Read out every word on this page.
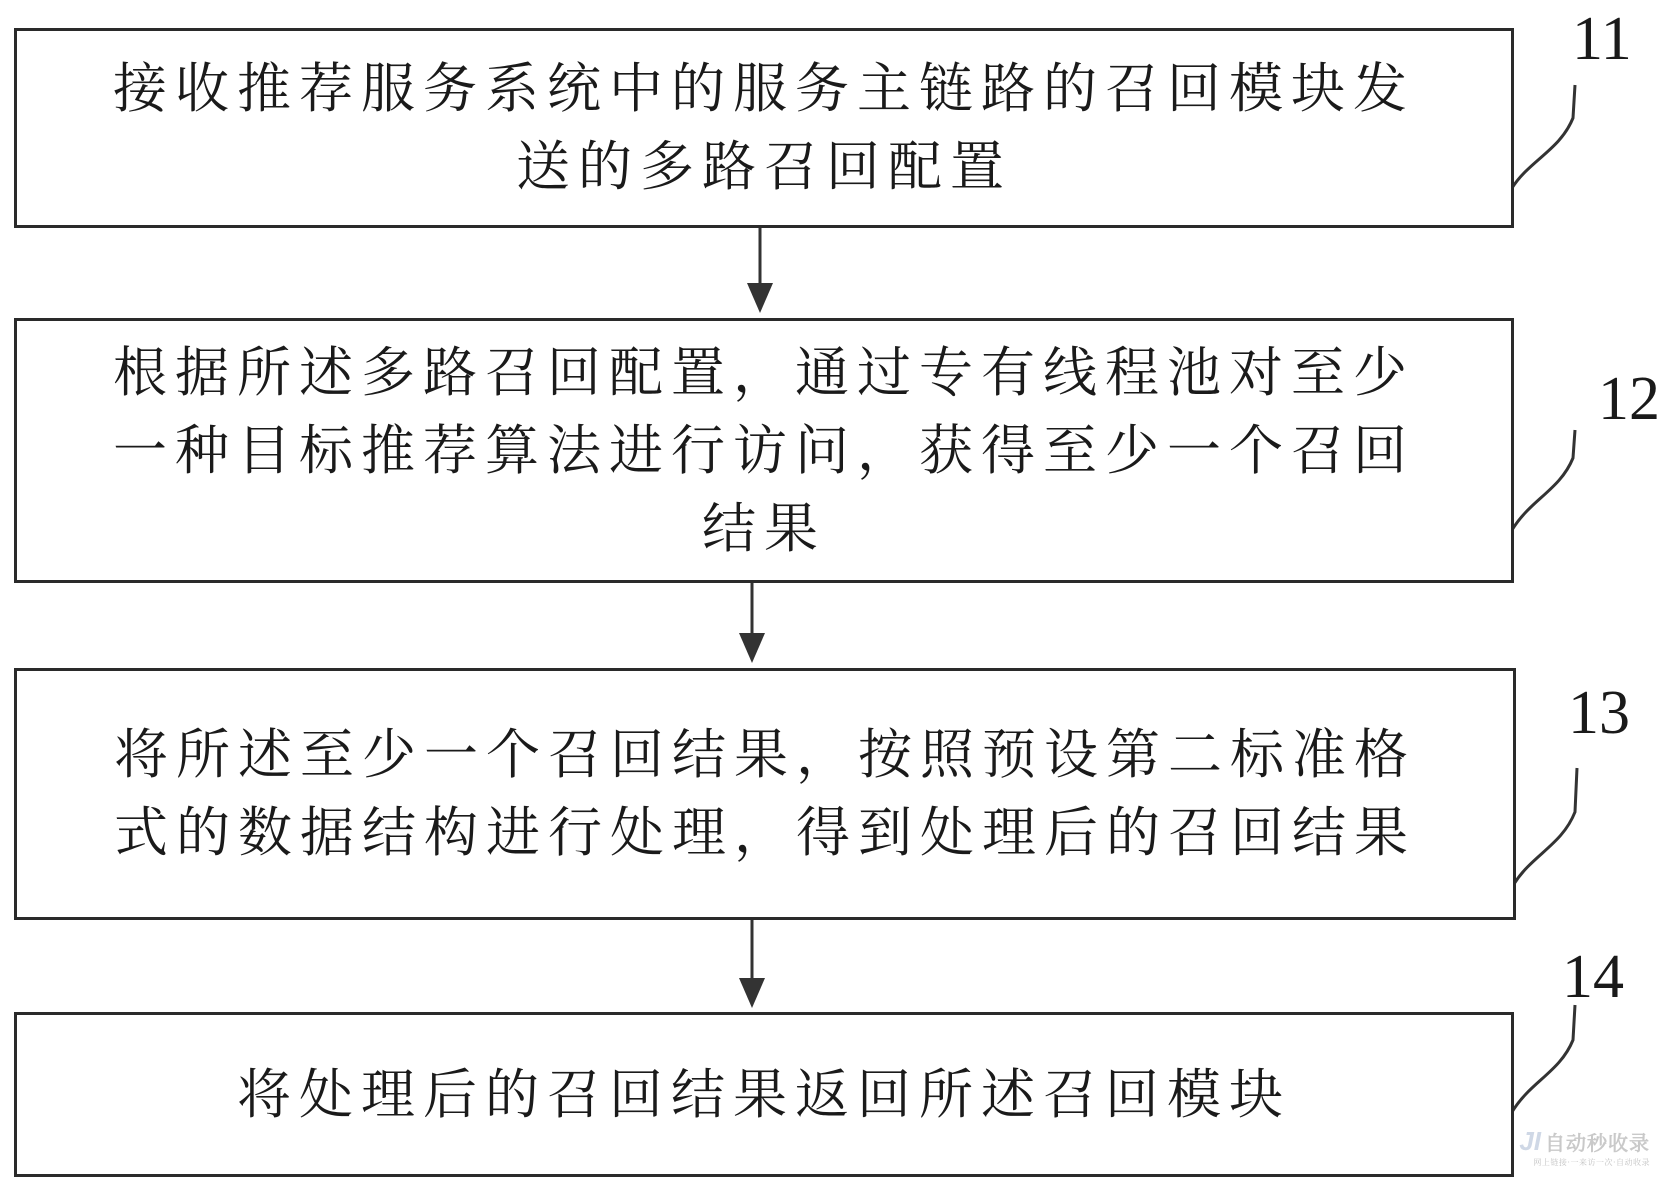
接收推荐服务系统中的服务主链路的召回模块发
送的多路召回配置
11
根据所述多路召回配置，通过专有线程池对至少
一种目标推荐算法进行访问，获得至少一个召回
结果
12
将所述至少一个召回结果，按照预设第二标准格
式的数据结构进行处理，得到处理后的召回结果
13
将处理后的召回结果返回所述召回模块
14
JI 自动秒收录
网上链接·一来访一次·自动收录
